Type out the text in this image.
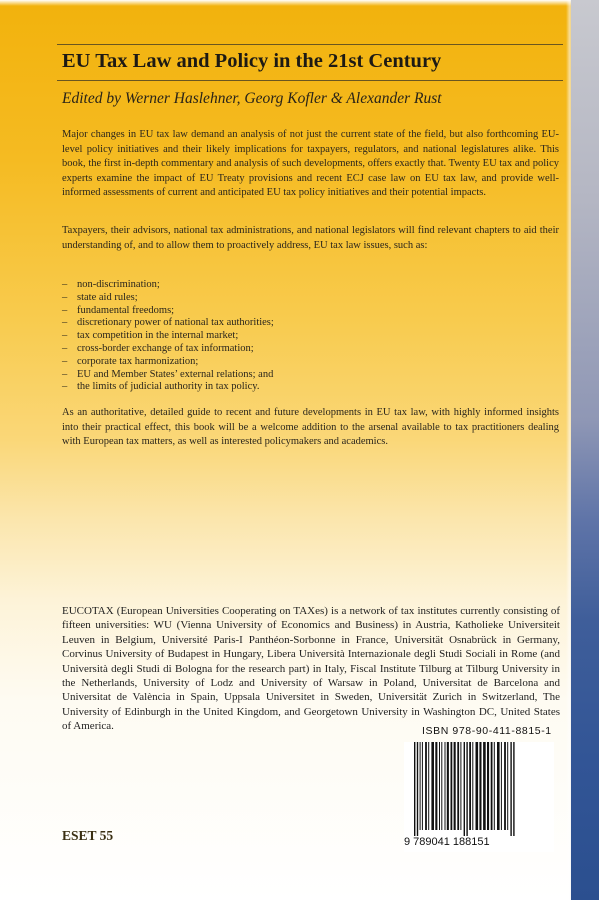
EU Tax Law and Policy in the 21st Century
Edited by Werner Haslehner, Georg Kofler & Alexander Rust

Major changes in EU tax law demand an analysis of not just the current state of the field, but also forthcoming EU-level policy initiatives and their likely implications for taxpayers, regulators, and national legislatures alike. This book, the first in-depth commentary and analysis of such developments, offers exactly that. Twenty EU tax and policy experts examine the impact of EU Treaty provisions and recent ECJ case law on EU tax law, and provide well-informed assessments of current and anticipated EU tax policy initiatives and their potential impacts.

Taxpayers, their advisors, national tax administrations, and national legislators will find relevant chapters to aid their understanding of, and to allow them to proactively address, EU tax law issues, such as:

– non-discrimination;
– state aid rules;
– fundamental freedoms;
– discretionary power of national tax authorities;
– tax competition in the internal market;
– cross-border exchange of tax information;
– corporate tax harmonization;
– EU and Member States’ external relations; and
– the limits of judicial authority in tax policy.

As an authoritative, detailed guide to recent and future developments in EU tax law, with highly informed insights into their practical effect, this book will be a welcome addition to the arsenal available to tax practitioners dealing with European tax matters, as well as interested policymakers and academics.

EUCOTAX (European Universities Cooperating on TAXes) is a network of tax institutes currently consisting of fifteen universities: WU (Vienna University of Economics and Business) in Austria, Katholieke Universiteit Leuven in Belgium, Université Paris-I Panthéon-Sorbonne in France, Universität Osnabrück in Germany, Corvinus University of Budapest in Hungary, Libera Università Internazionale degli Studi Sociali in Rome (and Università degli Studi di Bologna for the research part) in Italy, Fiscal Institute Tilburg at Tilburg University in the Netherlands, University of Lodz and University of Warsaw in Poland, Universitat de Barcelona and Universitat de València in Spain, Uppsala Universitet in Sweden, Universität Zurich in Switzerland, The University of Edinburgh in the United Kingdom, and Georgetown University in Washington DC, United States of America.	ISBN 978-90-411-8815-1
9 789041 188151
ESET 55
